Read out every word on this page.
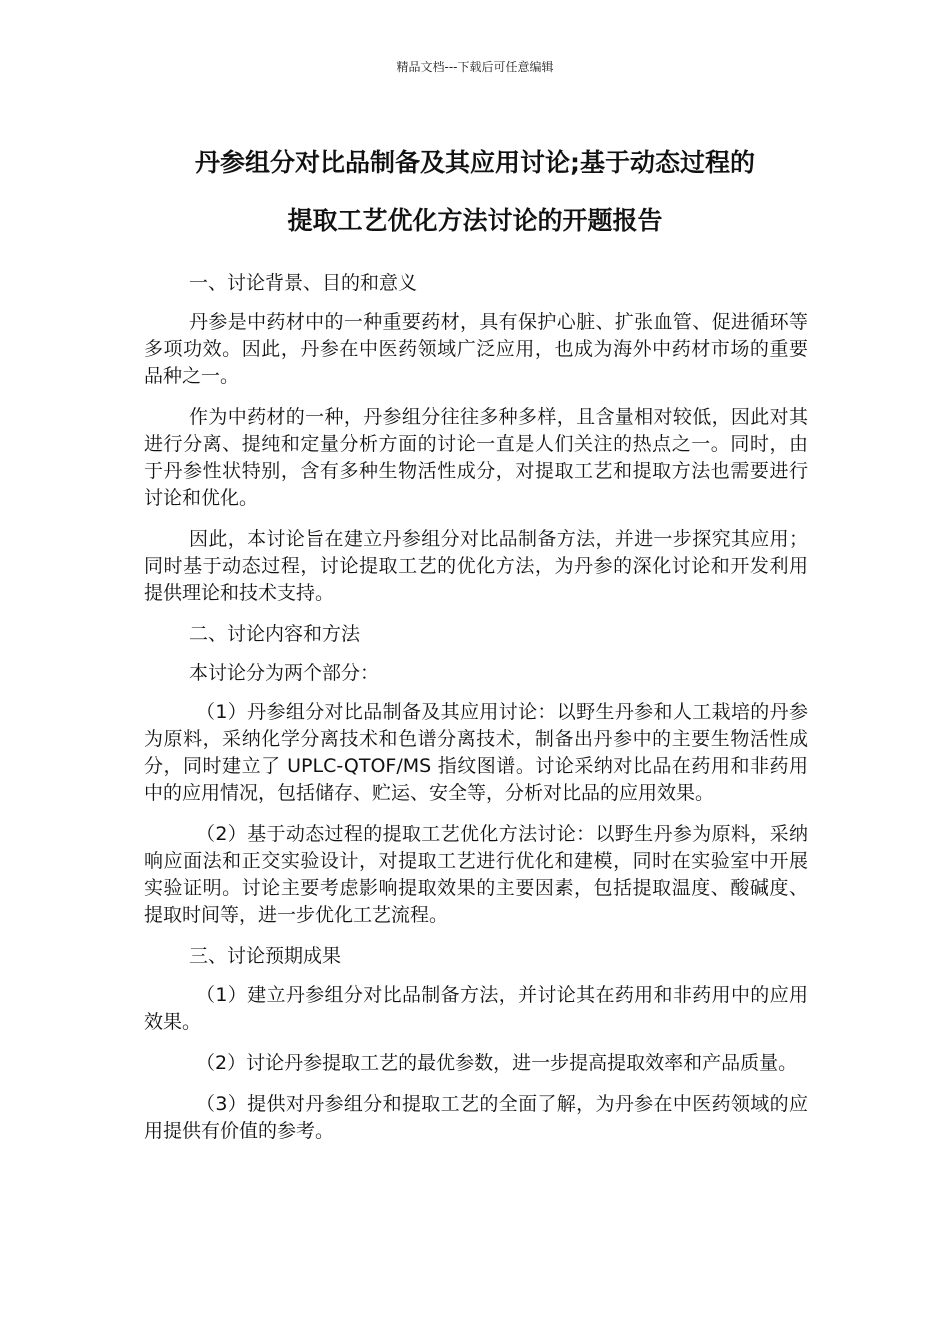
精品文档---下载后可任意编辑
丹参组分对比品制备及其应用讨论;基于动态过程的
提取工艺优化方法讨论的开题报告

一、讨论背景、目的和意义

丹参是中药材中的一种重要药材，具有保护心脏、扩张血管、促进循环等多项功效。因此，丹参在中医药领域广泛应用，也成为海外中药材市场的重要品种之一。

作为中药材的一种，丹参组分往往多种多样，且含量相对较低，因此对其进行分离、提纯和定量分析方面的讨论一直是人们关注的热点之一。同时，由于丹参性状特别，含有多种生物活性成分，对提取工艺和提取方法也需要进行讨论和优化。

因此，本讨论旨在建立丹参组分对比品制备方法，并进一步探究其应用；同时基于动态过程，讨论提取工艺的优化方法，为丹参的深化讨论和开发利用提供理论和技术支持。

二、讨论内容和方法

本讨论分为两个部分：

（1）丹参组分对比品制备及其应用讨论：以野生丹参和人工栽培的丹参为原料，采纳化学分离技术和色谱分离技术，制备出丹参中的主要生物活性成分，同时建立了 UPLC-QTOF/MS 指纹图谱。讨论采纳对比品在药用和非药用中的应用情况，包括储存、贮运、安全等，分析对比品的应用效果。

（2）基于动态过程的提取工艺优化方法讨论：以野生丹参为原料，采纳响应面法和正交实验设计，对提取工艺进行优化和建模，同时在实验室中开展实验证明。讨论主要考虑影响提取效果的主要因素，包括提取温度、酸碱度、提取时间等，进一步优化工艺流程。

三、讨论预期成果

（1）建立丹参组分对比品制备方法，并讨论其在药用和非药用中的应用效果。

（2）讨论丹参提取工艺的最优参数，进一步提高提取效率和产品质量。

（3）提供对丹参组分和提取工艺的全面了解，为丹参在中医药领域的应用提供有价值的参考。
